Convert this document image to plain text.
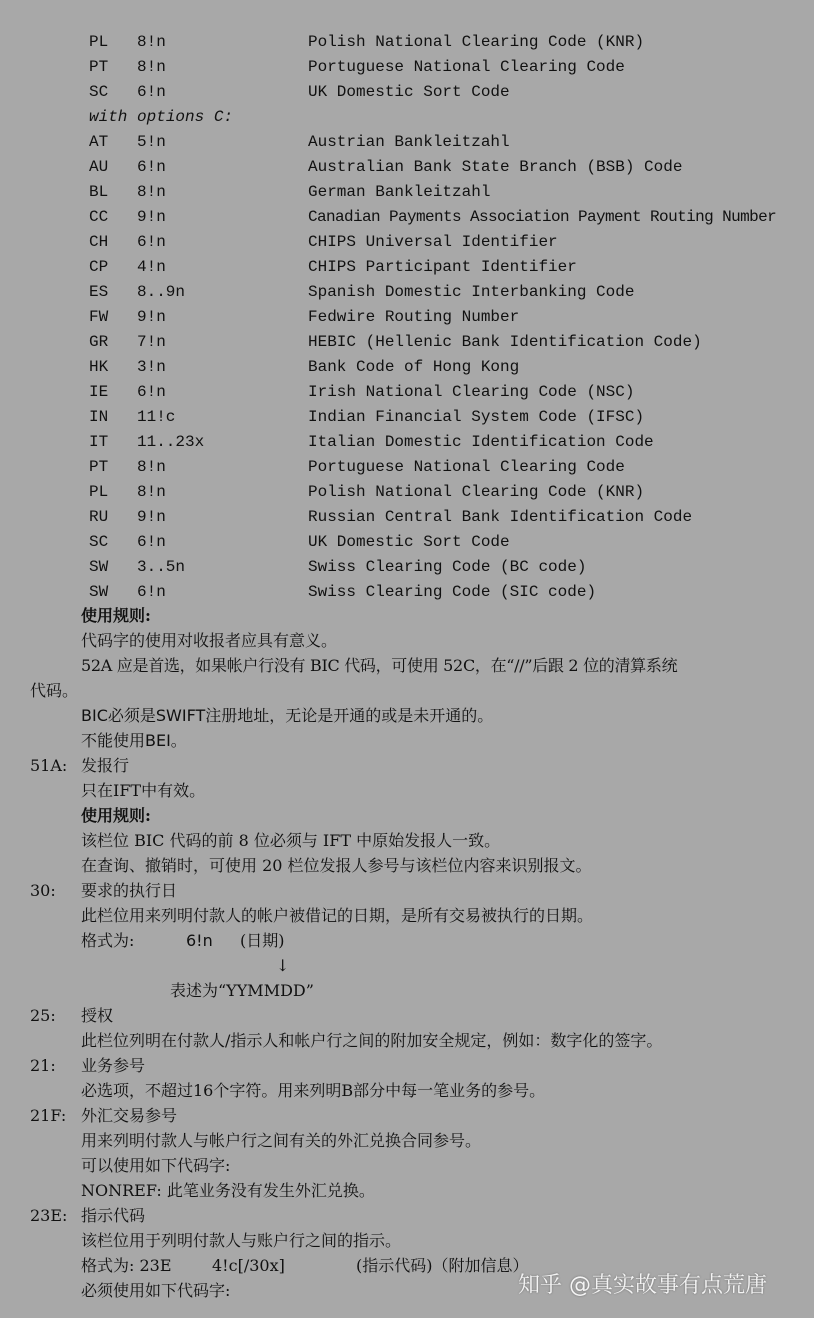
PL 8!n	Polish National Clearing Code (KNR)
PT 8!n	Portuguese National Clearing Code
SC 6!n	UK Domestic Sort Code
with options C:
AT 5!n	Austrian Bankleitzahl
AU 6!n	Australian Bank State Branch (BSB) Code
BL 8!n	German Bankleitzahl
CC 9!n	Canadian Payments Association Payment Routing Number
CH 6!n	CHIPS Universal Identifier
CP 4!n	CHIPS Participant Identifier
ES 8..9n	Spanish Domestic Interbanking Code
FW 9!n	Fedwire Routing Number
GR 7!n	HEBIC (Hellenic Bank Identification Code)
HK 3!n	Bank Code of Hong Kong
IE 6!n	Irish National Clearing Code (NSC)
IN 11!c	Indian Financial System Code (IFSC)
IT 11..23x	Italian Domestic Identification Code
PT 8!n	Portuguese National Clearing Code
PL 8!n	Polish National Clearing Code (KNR)
RU 9!n	Russian Central Bank Identification Code
SC 6!n	UK Domestic Sort Code
SW 3..5n	Swiss Clearing Code (BC code)
SW 6!n	Swiss Clearing Code (SIC code)
使用规则:
代码字的使用对收报者应具有意义。
52A 应是首选，如果帐户行没有 BIC 代码，可使用 52C，在“//”后跟 2 位的清算系统
代码。
BIC必须是SWIFT注册地址，无论是开通的或是未开通的。
不能使用BEI。
51A: 发报行
只在IFT中有效。
使用规则:
该栏位 BIC 代码的前 8 位必须与 IFT 中原始发报人一致。
在查询、撤销时，可使用 20 栏位发报人参号与该栏位内容来识别报文。
30: 要求的执行日
此栏位用来列明付款人的帐户被借记的日期，是所有交易被执行的日期。
格式为:	6!n (日期)
↓
表述为“YYMMDD”
25: 授权
此栏位列明在付款人/指示人和帐户行之间的附加安全规定，例如：数字化的签字。
21: 业务参号
必选项，不超过16个字符。用来列明B部分中每一笔业务的参号。
21F: 外汇交易参号
用来列明付款人与帐户行之间有关的外汇兑换合同参号。
可以使用如下代码字:
NONREF: 此笔业务没有发生外汇兑换。
23E: 指示代码
该栏位用于列明付款人与账户行之间的指示。
格式为: 23E	4!c[/30x]	(指示代码)（附加信息）
必须使用如下代码字:	知乎 @真实故事有点荒唐
